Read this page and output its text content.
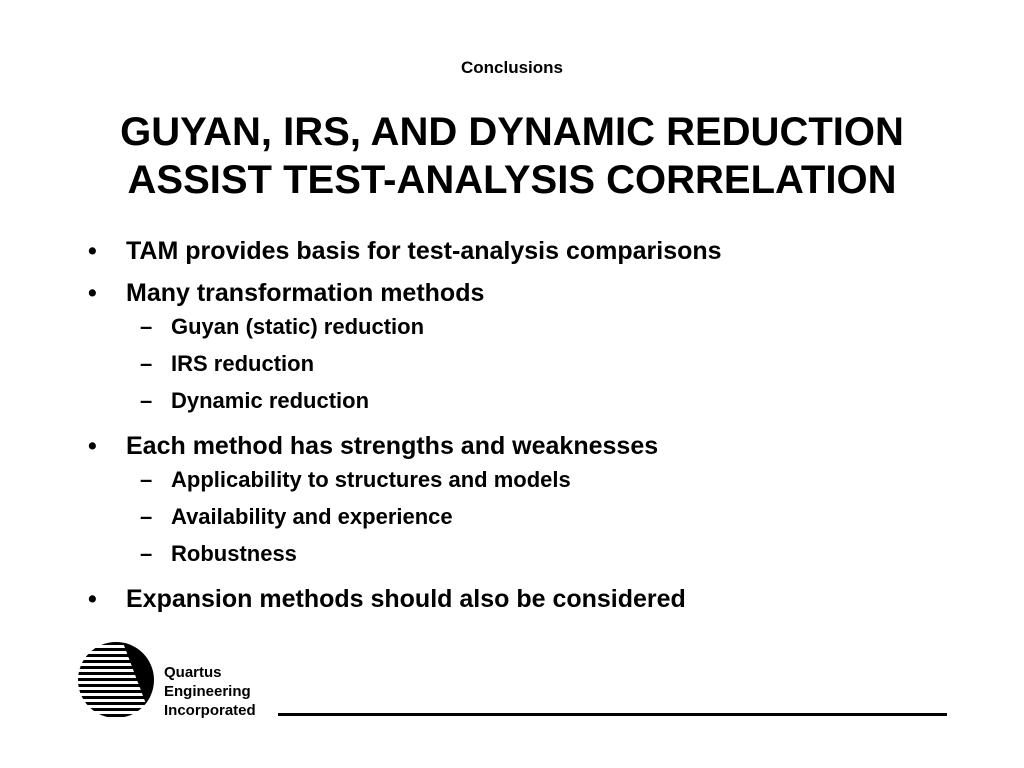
Conclusions

GUYAN, IRS, AND DYNAMIC REDUCTION
ASSIST TEST-ANALYSIS CORRELATION
•	TAM provides basis for test-analysis comparisons
•	Many transformation methods
– Guyan (static) reduction
– IRS reduction
– Dynamic reduction
•	Each method has strengths and weaknesses
– Applicability to structures and models
– Availability and experience
– Robustness
•	Expansion methods should also be considered
Quartus
Engineering
Incorporated
